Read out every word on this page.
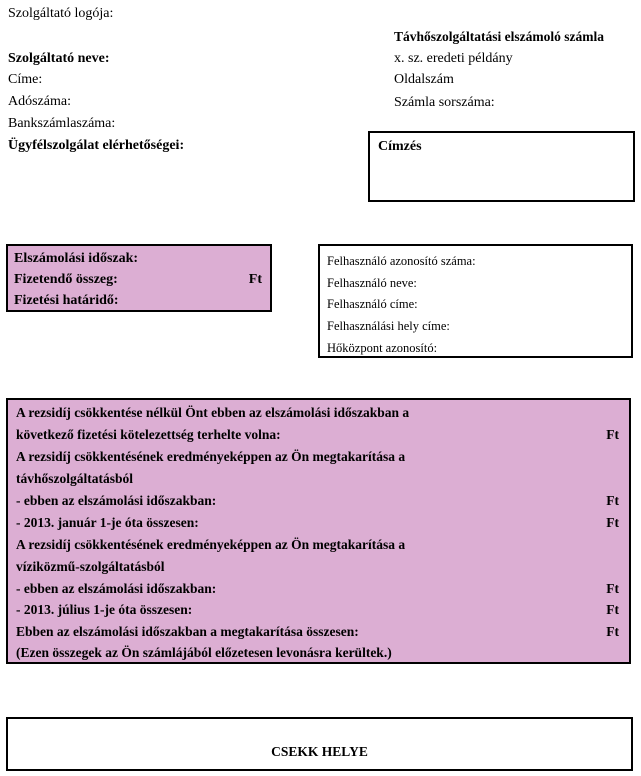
Szolgáltató logója:
Szolgáltató neve:
Címe:
Adószáma:
Bankszámlaszáma:
Ügyfélszolgálat elérhetőségei:
Távhőszolgáltatási elszámoló számla
x. sz. eredeti példány
Oldalszám
Számla sorszáma:
Címzés
Elszámolási időszak:
Fizetendő összeg:	Ft
Fizetési határidő:
Felhasználó azonosító száma:
Felhasználó neve:
Felhasználó címe:
Felhasználási hely címe:
Hőközpont azonosító:
A rezsidíj csökkentése nélkül Önt ebben az elszámolási időszakban a
következő fizetési kötelezettség terhelte volna:	Ft
A rezsidíj csökkentésének eredményeképpen az Ön megtakarítása a
távhőszolgáltatásból
- ebben az elszámolási időszakban:	Ft
- 2013. január 1-je óta összesen:	Ft
A rezsidíj csökkentésének eredményeképpen az Ön megtakarítása a
víziközmű-szolgáltatásból
- ebben az elszámolási időszakban:	Ft
- 2013. július 1-je óta összesen:	Ft
Ebben az elszámolási időszakban a megtakarítása összesen:	Ft
(Ezen összegek az Ön számlájából előzetesen levonásra kerültek.)
CSEKK HELYE
